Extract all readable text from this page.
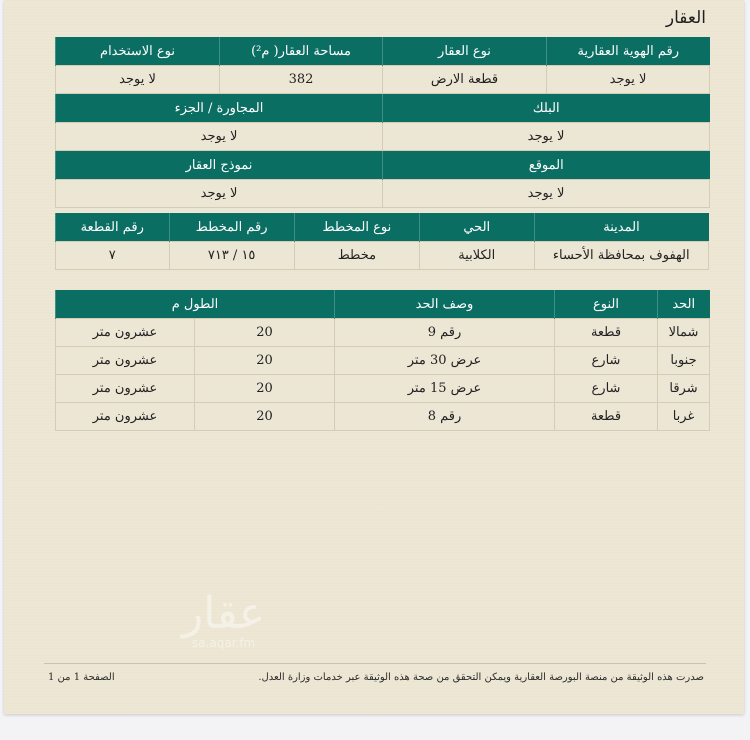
العقار
رقم الهوية العقارية	نوع العقار	مساحة العقار( م²)	نوع الاستخدام
لا يوجد	قطعة الارض	382	لا يوجد
البلك		المجاورة / الجزء	
لا يوجد		لا يوجد	
الموقع		نموذج العقار	
لا يوجد		لا يوجد	
المدينة	الحي	نوع المخطط	رقم المخطط	رقم القطعة
الهفوف بمحافظة الأحساء	الكلابية	مخطط	١٥ / ٧١٣	٧
الحد	النوع	وصف الحد	الطول م	
شمالا	قطعة	رقم 9	20	عشرون متر
جنوبا	شارع	عرض 30 متر	20	عشرون متر
شرقا	شارع	عرض 15 متر	20	عشرون متر
غربا	قطعة	رقم 8	20	عشرون متر
عقار
sa.aqar.fm
صدرت هذه الوثيقة من منصة البورصة العقارية ويمكن التحقق من صحة هذه الوثيقة عبر خدمات وزارة العدل.
الصفحة 1 من 1
